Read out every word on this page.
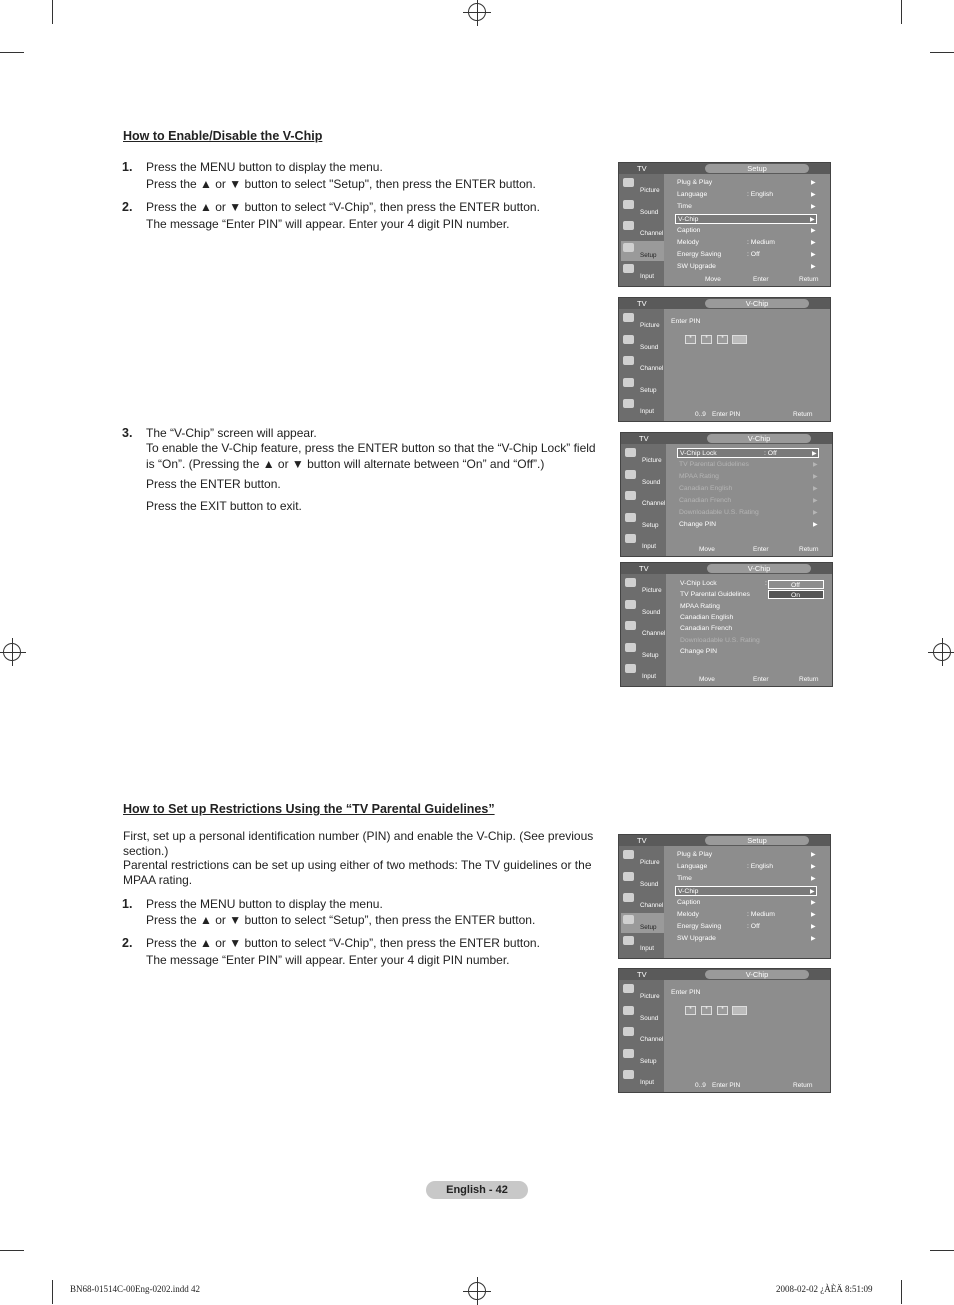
How to Enable/Disable the V-Chip
1. Press the MENU button to display the menu.
Press the ▲ or ▼ button to select "Setup", then press the ENTER button.
2. Press the ▲ or ▼ button to select “V-Chip”, then press the ENTER button.
The message “Enter PIN” will appear. Enter your 4 digit PIN number.
3. The “V-Chip” screen will appear.
To enable the V-Chip feature, press the ENTER button so that the “V-Chip Lock” field is “On”. (Pressing the ▲ or ▼ button will alternate between “On” and “Off”.)
Press the ENTER button.
Press the EXIT button to exit.
How to Set up Restrictions Using the “TV Parental Guidelines”
First, set up a personal identification number (PIN) and enable the V-Chip. (See previous section.)
Parental restrictions can be set up using either of two methods: The TV guidelines or the MPAA rating.
1. Press the MENU button to display the menu.
Press the ▲ or ▼ button to select “Setup”, then press the ENTER button.
2. Press the ▲ or ▼ button to select “V-Chip”, then press the ENTER button.
The message “Enter PIN” will appear. Enter your 4 digit PIN number.
TV	Setup
Picture
Sound
Channel
Setup
Input
Plug & Play	▶
Language	: English	▶
Time	▶
V-Chip	▶
Caption	▶
Melody	: Medium	▶
Energy Saving	: Off	▶
SW Upgrade	▶
Move	Enter	Return
TV	V-Chip
Picture
Sound
Channel
Setup
Input
Enter PIN
*	*	*
0..9 Enter PIN	Return
TV	V-Chip
Picture
Sound
Channel
Setup
Input
V-Chip Lock	: Off	▶
TV Parental Guidelines	▶
MPAA Rating	▶
Canadian English	▶
Canadian French	▶
Downloadable U.S. Rating	▶
Change PIN	▶
Move	Enter	Return
TV	V-Chip
Picture
Sound
Channel
Setup
Input
V-Chip Lock
TV Parental Guidelines
MPAA Rating
Canadian English
Canadian French
Downloadable U.S. Rating
Change PIN
:	Off
On
Move	Enter	Return
TV	Setup
Picture
Sound
Channel
Setup
Input
Plug & Play	▶
Language	: English	▶
Time	▶
V-Chip	▶
Caption	▶
Melody	: Medium	▶
Energy Saving	: Off	▶
SW Upgrade	▶
TV	V-Chip
Picture
Sound
Channel
Setup
Input
Enter PIN
*	*	*
0..9 Enter PIN	Return
English - 42
BN68-01514C-00Eng-0202.indd 42	2008-02-02 ¿ÀÈÄ 8:51:09
